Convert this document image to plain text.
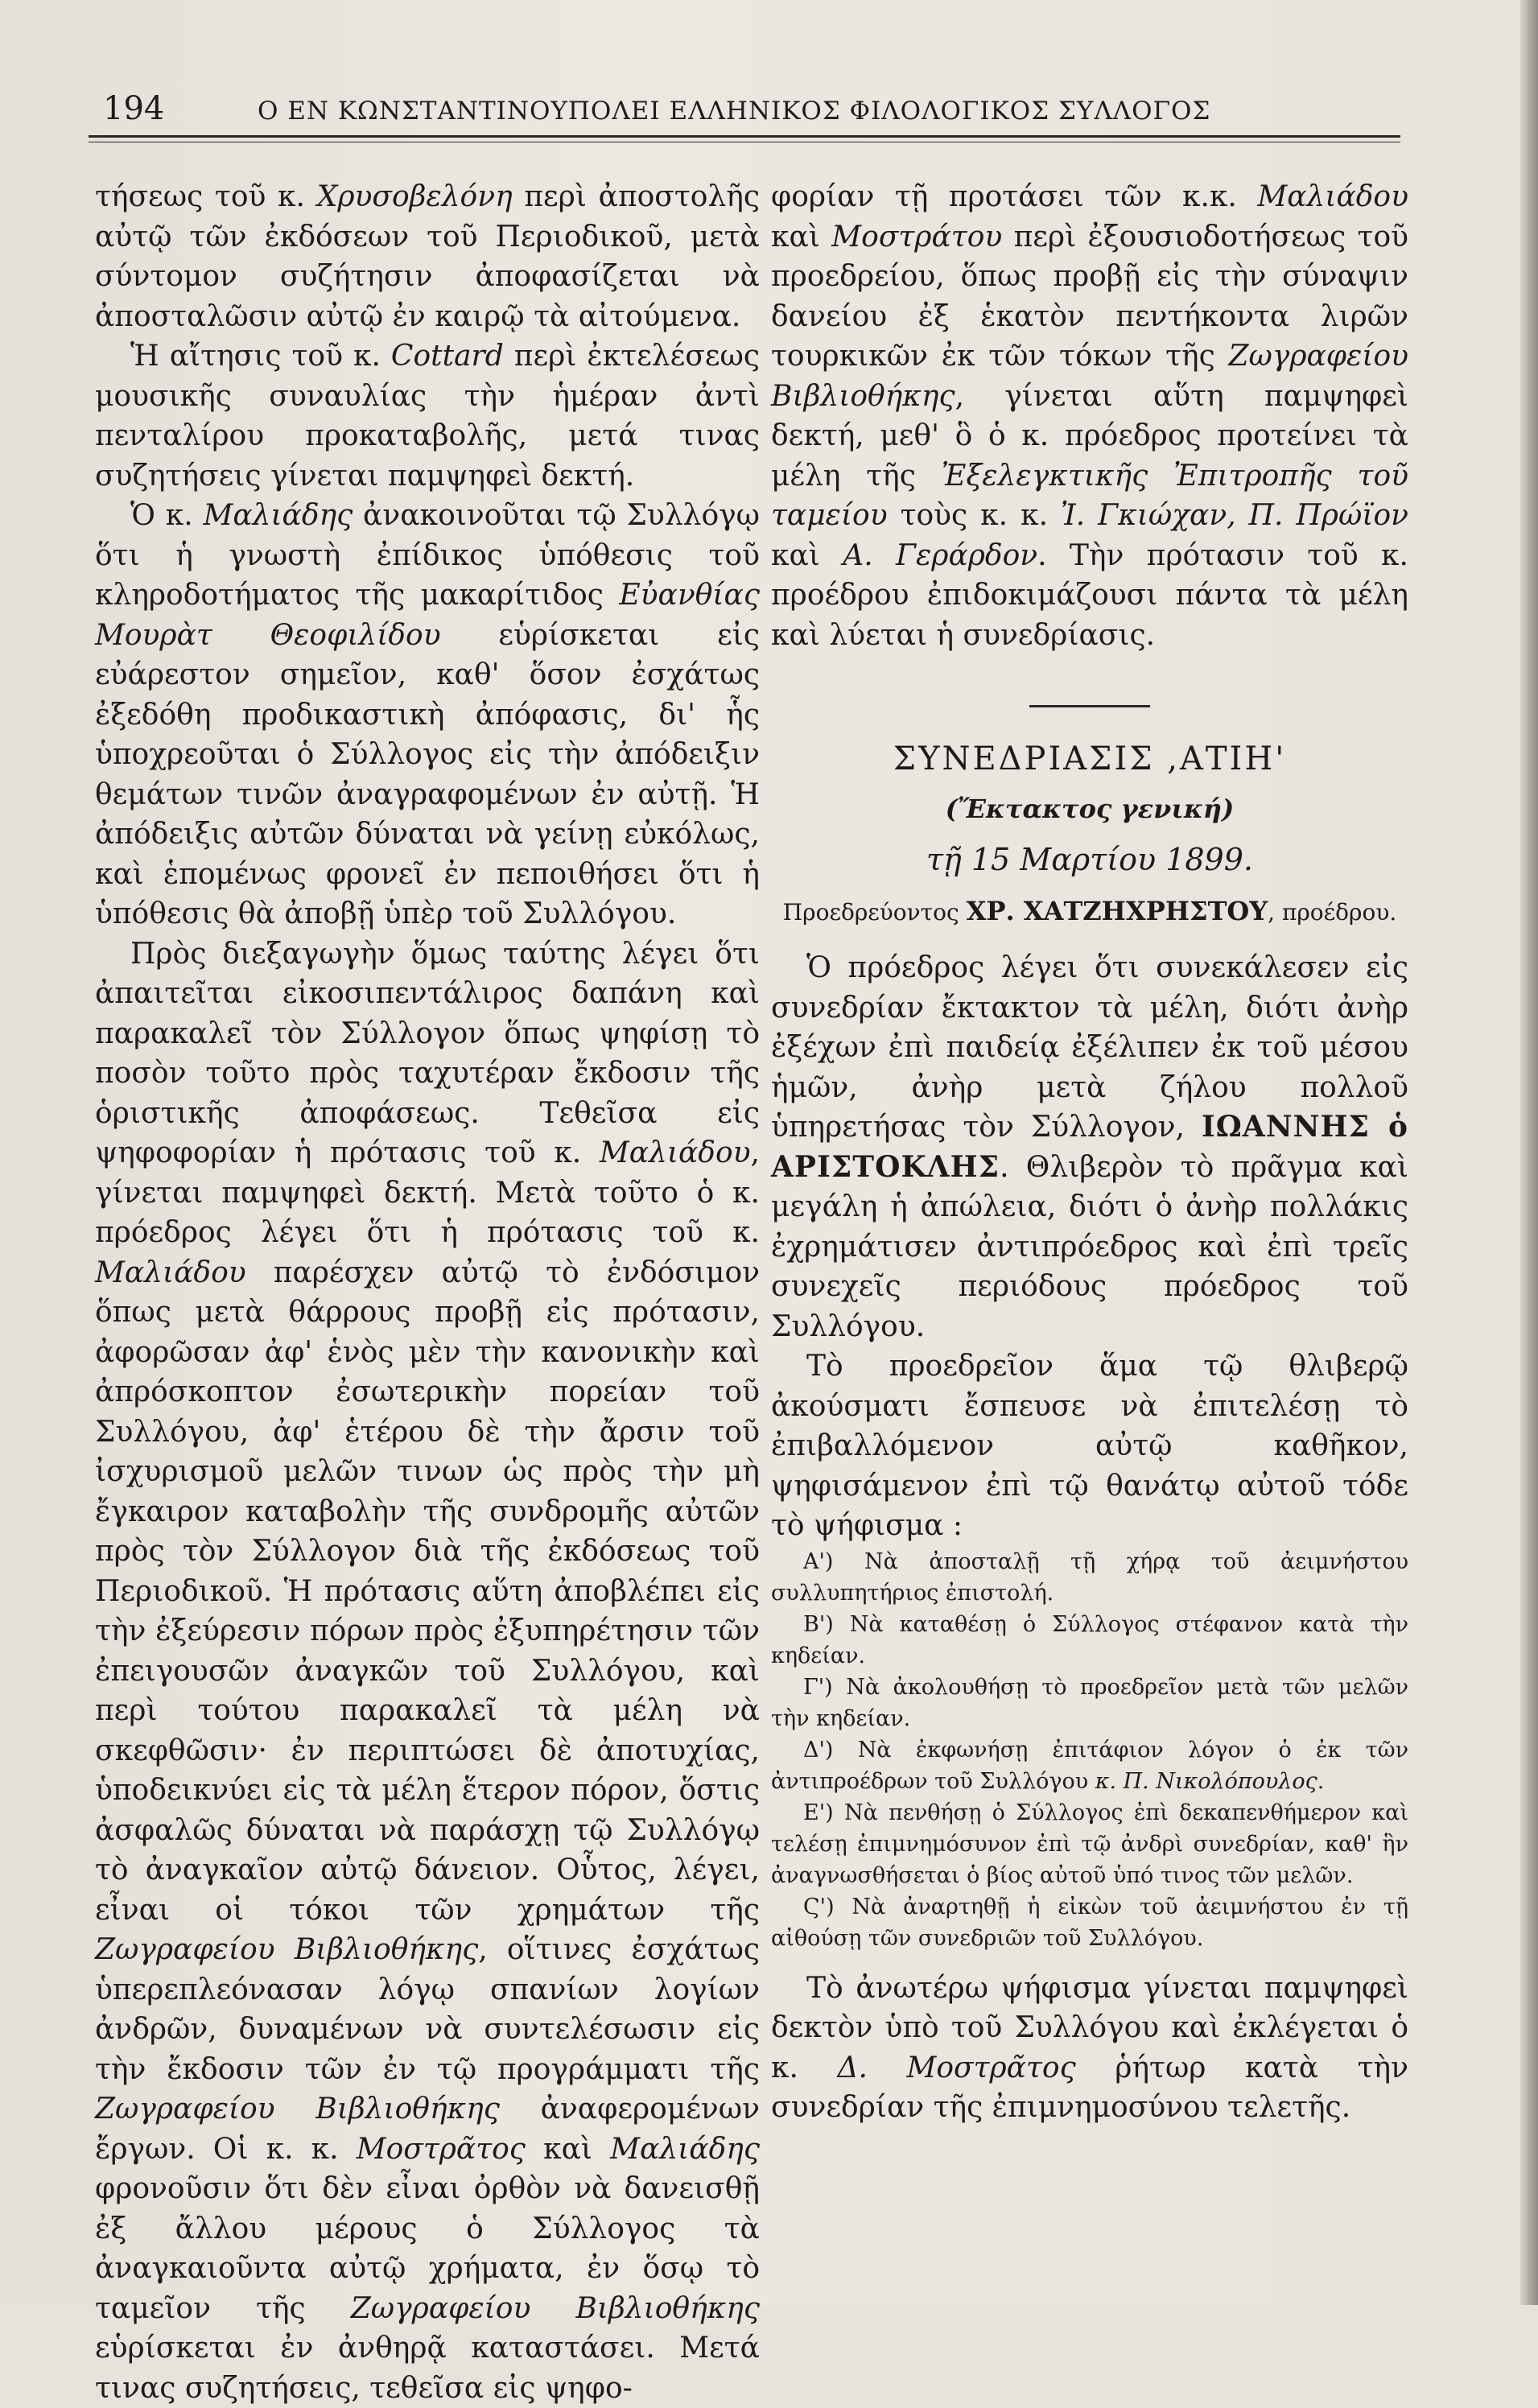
194	Ο ΕΝ ΚΩΝΣΤΑΝΤΙΝΟΥΠΟΛΕΙ ΕΛΛΗΝΙΚΟΣ ΦΙΛΟΛΟΓΙΚΟΣ ΣΥΛΛΟΓΟΣ

τήσεως τοῦ κ. Χρυσοβελόνη περὶ ἀποστολῆς αὐτῷ τῶν ἐκδόσεων τοῦ Περιοδικοῦ, μετὰ σύντομον συζήτησιν ἀποφασίζεται νὰ ἀποσταλῶσιν αὐτῷ ἐν καιρῷ τὰ αἰτούμενα.

Ἡ αἴτησις τοῦ κ. Cottard περὶ ἐκτελέσεως μουσικῆς συναυλίας τὴν ἡμέραν ἀντὶ πενταλίρου προκαταβολῆς, μετά τινας συζητήσεις γίνεται παμψηφεὶ δεκτή.

Ὁ κ. Μαλιάδης ἀνακοινοῦται τῷ Συλλόγῳ ὅτι ἡ γνωστὴ ἐπίδικος ὑπόθεσις τοῦ κληροδοτήματος τῆς μακαρίτιδος Εὐανθίας Μουρὰτ Θεοφιλίδου εὑρίσκεται εἰς εὐάρεστον σημεῖον, καθ' ὅσον ἐσχάτως ἐξεδόθη προδικαστικὴ ἀπόφασις, δι' ἧς ὑποχρεοῦται ὁ Σύλλογος εἰς τὴν ἀπόδειξιν θεμάτων τινῶν ἀναγραφομένων ἐν αὐτῇ. Ἡ ἀπόδειξις αὐτῶν δύναται νὰ γείνῃ εὐκόλως, καὶ ἑπομένως φρονεῖ ἐν πεποιθήσει ὅτι ἡ ὑπόθεσις θὰ ἀποβῇ ὑπὲρ τοῦ Συλλόγου.

Πρὸς διεξαγωγὴν ὅμως ταύτης λέγει ὅτι ἀπαιτεῖται εἰκοσιπεντάλιρος δαπάνη καὶ παρακαλεῖ τὸν Σύλλογον ὅπως ψηφίσῃ τὸ ποσὸν τοῦτο πρὸς ταχυτέραν ἔκδοσιν τῆς ὁριστικῆς ἀποφάσεως. Τεθεῖσα εἰς ψηφοφορίαν ἡ πρότασις τοῦ κ. Μαλιάδου, γίνεται παμψηφεὶ δεκτή. Μετὰ τοῦτο ὁ κ. πρόεδρος λέγει ὅτι ἡ πρότασις τοῦ κ. Μαλιάδου παρέσχεν αὐτῷ τὸ ἐνδόσιμον ὅπως μετὰ θάρρους προβῇ εἰς πρότασιν, ἀφορῶσαν ἀφ' ἑνὸς μὲν τὴν κανονικὴν καὶ ἀπρόσκοπτον ἐσωτερικὴν πορείαν τοῦ Συλλόγου, ἀφ' ἑτέρου δὲ τὴν ἄρσιν τοῦ ἰσχυρισμοῦ μελῶν τινων ὡς πρὸς τὴν μὴ ἔγκαιρον καταβολὴν τῆς συνδρομῆς αὐτῶν πρὸς τὸν Σύλλογον διὰ τῆς ἐκδόσεως τοῦ Περιοδικοῦ. Ἡ πρότασις αὕτη ἀποβλέπει εἰς τὴν ἐξεύρεσιν πόρων πρὸς ἐξυπηρέτησιν τῶν ἐπειγουσῶν ἀναγκῶν τοῦ Συλλόγου, καὶ περὶ τούτου παρακαλεῖ τὰ μέλη νὰ σκεφθῶσιν· ἐν περιπτώσει δὲ ἀποτυχίας, ὑποδεικνύει εἰς τὰ μέλη ἕτερον πόρον, ὅστις ἀσφαλῶς δύναται νὰ παράσχῃ τῷ Συλλόγῳ τὸ ἀναγκαῖον αὐτῷ δάνειον. Οὗτος, λέγει, εἶναι οἱ τόκοι τῶν χρημάτων τῆς Ζωγραφείου Βιβλιοθήκης, οἵτινες ἐσχάτως ὑπερεπλεόνασαν λόγῳ σπανίων λογίων ἀνδρῶν, δυναμένων νὰ συντελέσωσιν εἰς τὴν ἔκδοσιν τῶν ἐν τῷ προγράμματι τῆς Ζωγραφείου Βιβλιοθήκης ἀναφερομένων ἔργων. Οἱ κ. κ. Μοστρᾶτος καὶ Μαλιάδης φρονοῦσιν ὅτι δὲν εἶναι ὀρθὸν νὰ δανεισθῇ ἐξ ἄλλου μέρους ὁ Σύλλογος τὰ ἀναγκαιοῦντα αὐτῷ χρήματα, ἐν ὅσῳ τὸ ταμεῖον τῆς Ζωγραφείου Βιβλιοθήκης εὑρίσκεται ἐν ἀνθηρᾷ καταστάσει. Μετά τινας συζητήσεις, τεθεῖσα εἰς ψηφο-

φορίαν τῇ προτάσει τῶν κ.κ. Μαλιάδου καὶ Μοστράτου περὶ ἐξουσιοδοτήσεως τοῦ προεδρείου, ὅπως προβῇ εἰς τὴν σύναψιν δανείου ἐξ ἑκατὸν πεντήκοντα λιρῶν τουρκικῶν ἐκ τῶν τόκων τῆς Ζωγραφείου Βιβλιοθήκης, γίνεται αὕτη παμψηφεὶ δεκτή, μεθ' ὃ ὁ κ. πρόεδρος προτείνει τὰ μέλη τῆς Ἐξελεγκτικῆς Ἐπιτροπῆς τοῦ ταμείου τοὺς κ. κ. Ἰ. Γκιώχαν, Π. Πρώϊον καὶ Α. Γεράρδον. Τὴν πρότασιν τοῦ κ. προέδρου ἐπιδοκιμάζουσι πάντα τὰ μέλη καὶ λύεται ἡ συνεδρίασις.

ΣΥΝΕΔΡΙΑΣΙΣ ,ΑΤΙΗ'
(Ἔκτακτος γενική)
τῇ 15 Μαρτίου 1899.
Προεδρεύοντος ΧΡ. ΧΑΤΖΗΧΡΗΣΤΟΥ, προέδρου.

Ὁ πρόεδρος λέγει ὅτι συνεκάλεσεν εἰς συνεδρίαν ἔκτακτον τὰ μέλη, διότι ἀνὴρ ἐξέχων ἐπὶ παιδείᾳ ἐξέλιπεν ἐκ τοῦ μέσου ἡμῶν, ἀνὴρ μετὰ ζήλου πολλοῦ ὑπηρετήσας τὸν Σύλλογον, ΙΩΑΝΝΗΣ ὁ ΑΡΙΣΤΟΚΛΗΣ. Θλιβερὸν τὸ πρᾶγμα καὶ μεγάλη ἡ ἀπώλεια, διότι ὁ ἀνὴρ πολλάκις ἐχρημάτισεν ἀντιπρόεδρος καὶ ἐπὶ τρεῖς συνεχεῖς περιόδους πρόεδρος τοῦ Συλλόγου.

Τὸ προεδρεῖον ἅμα τῷ θλιβερῷ ἀκούσματι ἔσπευσε νὰ ἐπιτελέσῃ τὸ ἐπιβαλλόμενον αὐτῷ καθῆκον, ψηφισάμενον ἐπὶ τῷ θανάτῳ αὐτοῦ τόδε τὸ ψήφισμα :

Α') Νὰ ἀποσταλῇ τῇ χήρᾳ τοῦ ἀειμνήστου συλλυπητήριος ἐπιστολή.

Β') Νὰ καταθέσῃ ὁ Σύλλογος στέφανον κατὰ τὴν κηδείαν.

Γ') Νὰ ἀκολουθήσῃ τὸ προεδρεῖον μετὰ τῶν μελῶν τὴν κηδείαν.

Δ') Νὰ ἐκφωνήσῃ ἐπιτάφιον λόγον ὁ ἐκ τῶν ἀντιπροέδρων τοῦ Συλλόγου κ. Π. Νικολόπουλος.

Ε') Νὰ πενθήσῃ ὁ Σύλλογος ἐπὶ δεκαπενθήμερον καὶ τελέσῃ ἐπιμνημόσυνον ἐπὶ τῷ ἀνδρὶ συνεδρίαν, καθ' ἣν ἀναγνωσθήσεται ὁ βίος αὐτοῦ ὑπό τινος τῶν μελῶν.

Ϛ') Νὰ ἀναρτηθῇ ἡ εἰκὼν τοῦ ἀειμνήστου ἐν τῇ αἰθούσῃ τῶν συνεδριῶν τοῦ Συλλόγου.

Τὸ ἀνωτέρω ψήφισμα γίνεται παμψηφεὶ δεκτὸν ὑπὸ τοῦ Συλλόγου καὶ ἐκλέγεται ὁ κ. Δ. Μοστρᾶτος ῥήτωρ κατὰ τὴν συνεδρίαν τῆς ἐπιμνημοσύνου τελετῆς.
